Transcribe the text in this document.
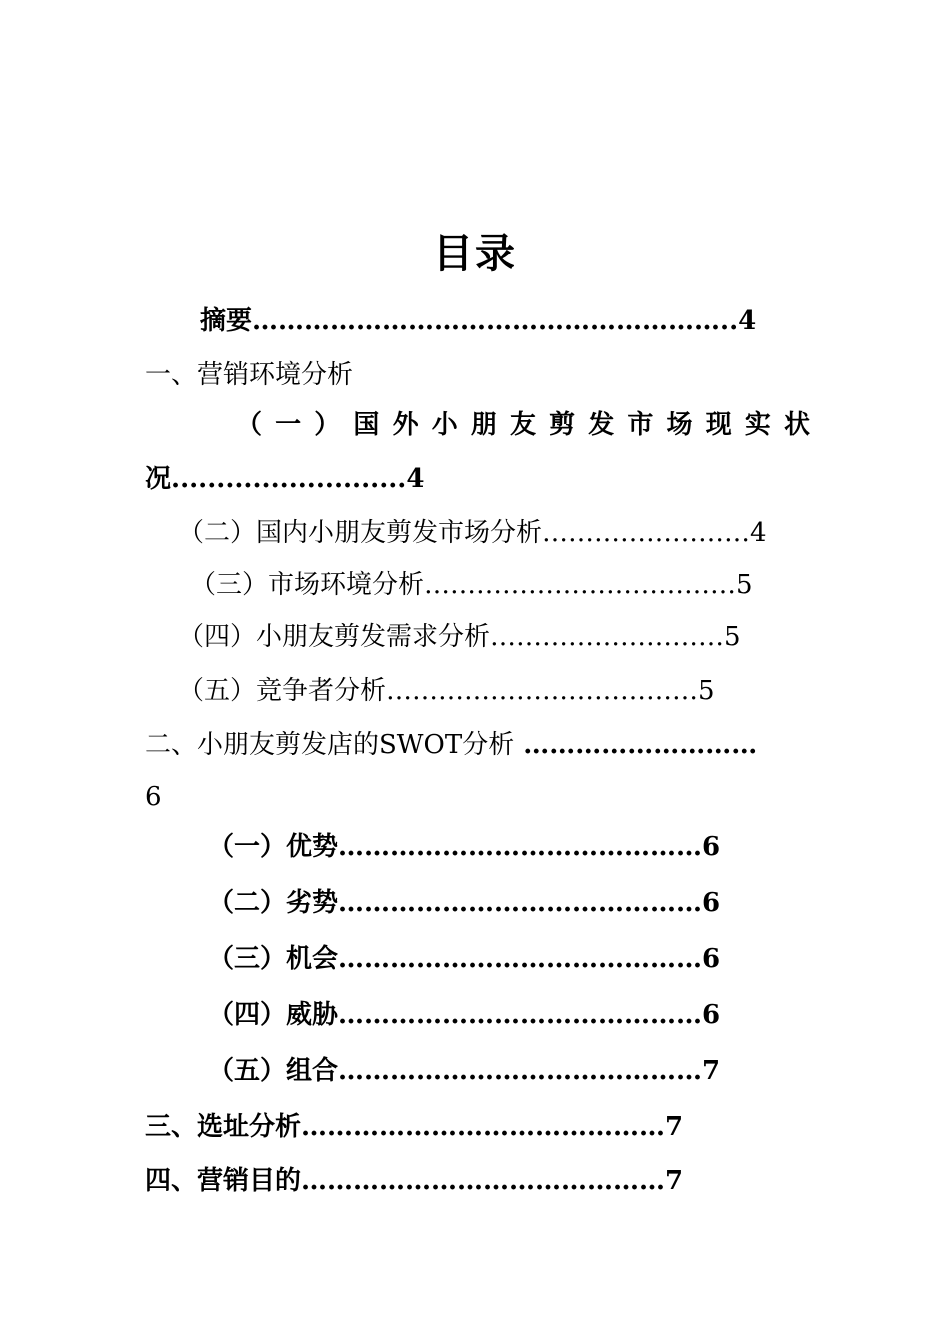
目录
摘要………………………………………………..4
一、营销环境分析
（ 一 ） 国 外 小 朋 友 剪 发 市 场 现 实 状
况..........................4
（二）国内小朋友剪发市场分析……………………4
（三）市场环境分析………………………………5
（四）小朋友剪发需求分析………………………5
（五）竞争者分析………………………………5
二、小朋友剪发店的SWOT分析 ………………………
6
（一）优势……………………………………6
（二）劣势……………………………………6
（三）机会……………………………………6
（四）威胁……………………………………6
（五）组合……………………………………7
三、选址分析……………………………………7
四、营销目的……………………………………7
